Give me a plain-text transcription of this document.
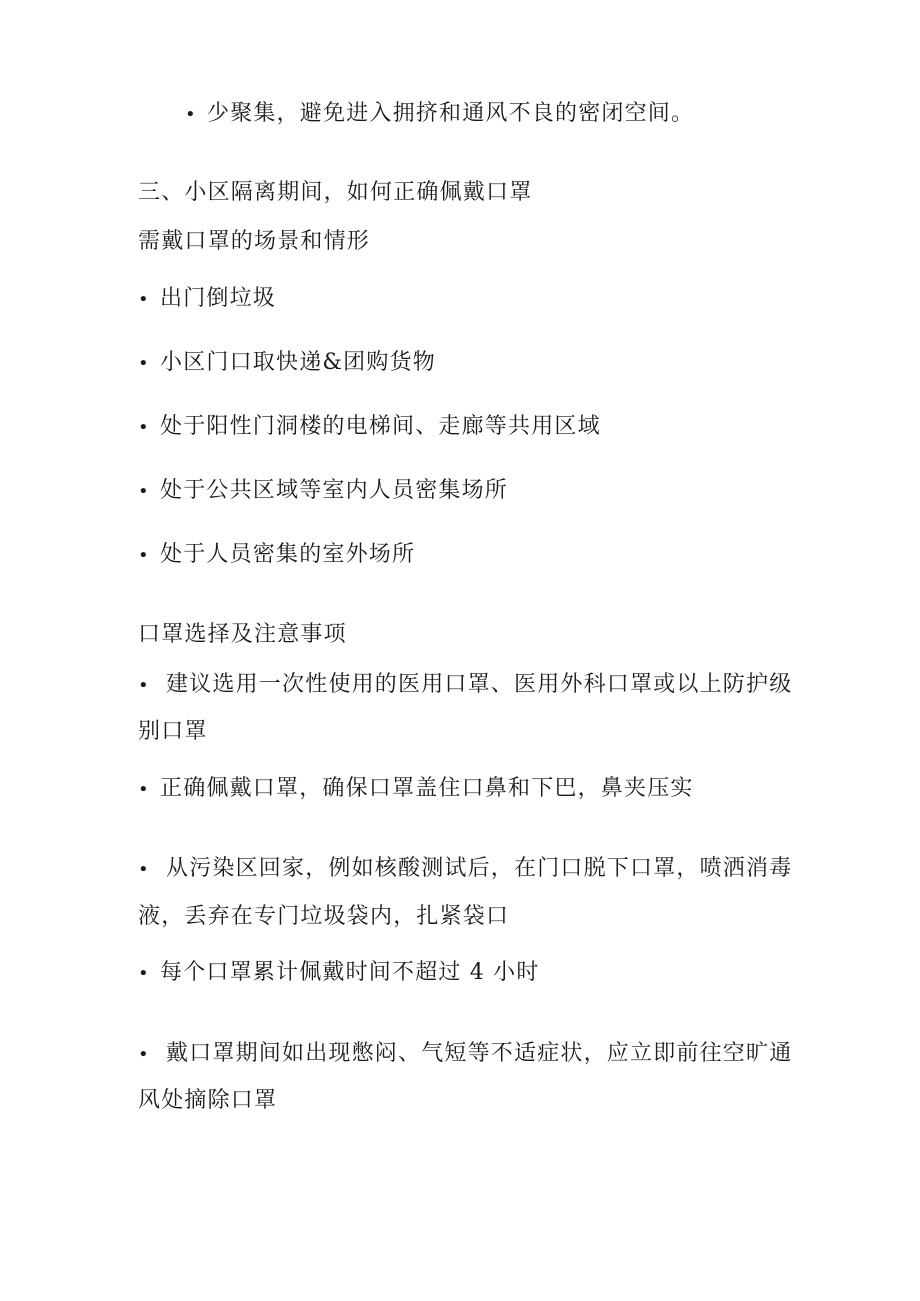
• 少聚集，避免进入拥挤和通风不良的密闭空间。
三、小区隔离期间，如何正确佩戴口罩
需戴口罩的场景和情形
• 出门倒垃圾
• 小区门口取快递&团购货物
• 处于阳性门洞楼的电梯间、走廊等共用区域
• 处于公共区域等室内人员密集场所
• 处于人员密集的室外场所
口罩选择及注意事项
• 建议选用一次性使用的医用口罩、医用外科口罩或以上防护级
别口罩
• 正确佩戴口罩，确保口罩盖住口鼻和下巴，鼻夹压实
• 从污染区回家，例如核酸测试后，在门口脱下口罩，喷洒消毒
液，丢弃在专门垃圾袋内，扎紧袋口
• 每个口罩累计佩戴时间不超过 4 小时
• 戴口罩期间如出现憋闷、气短等不适症状，应立即前往空旷通
风处摘除口罩
